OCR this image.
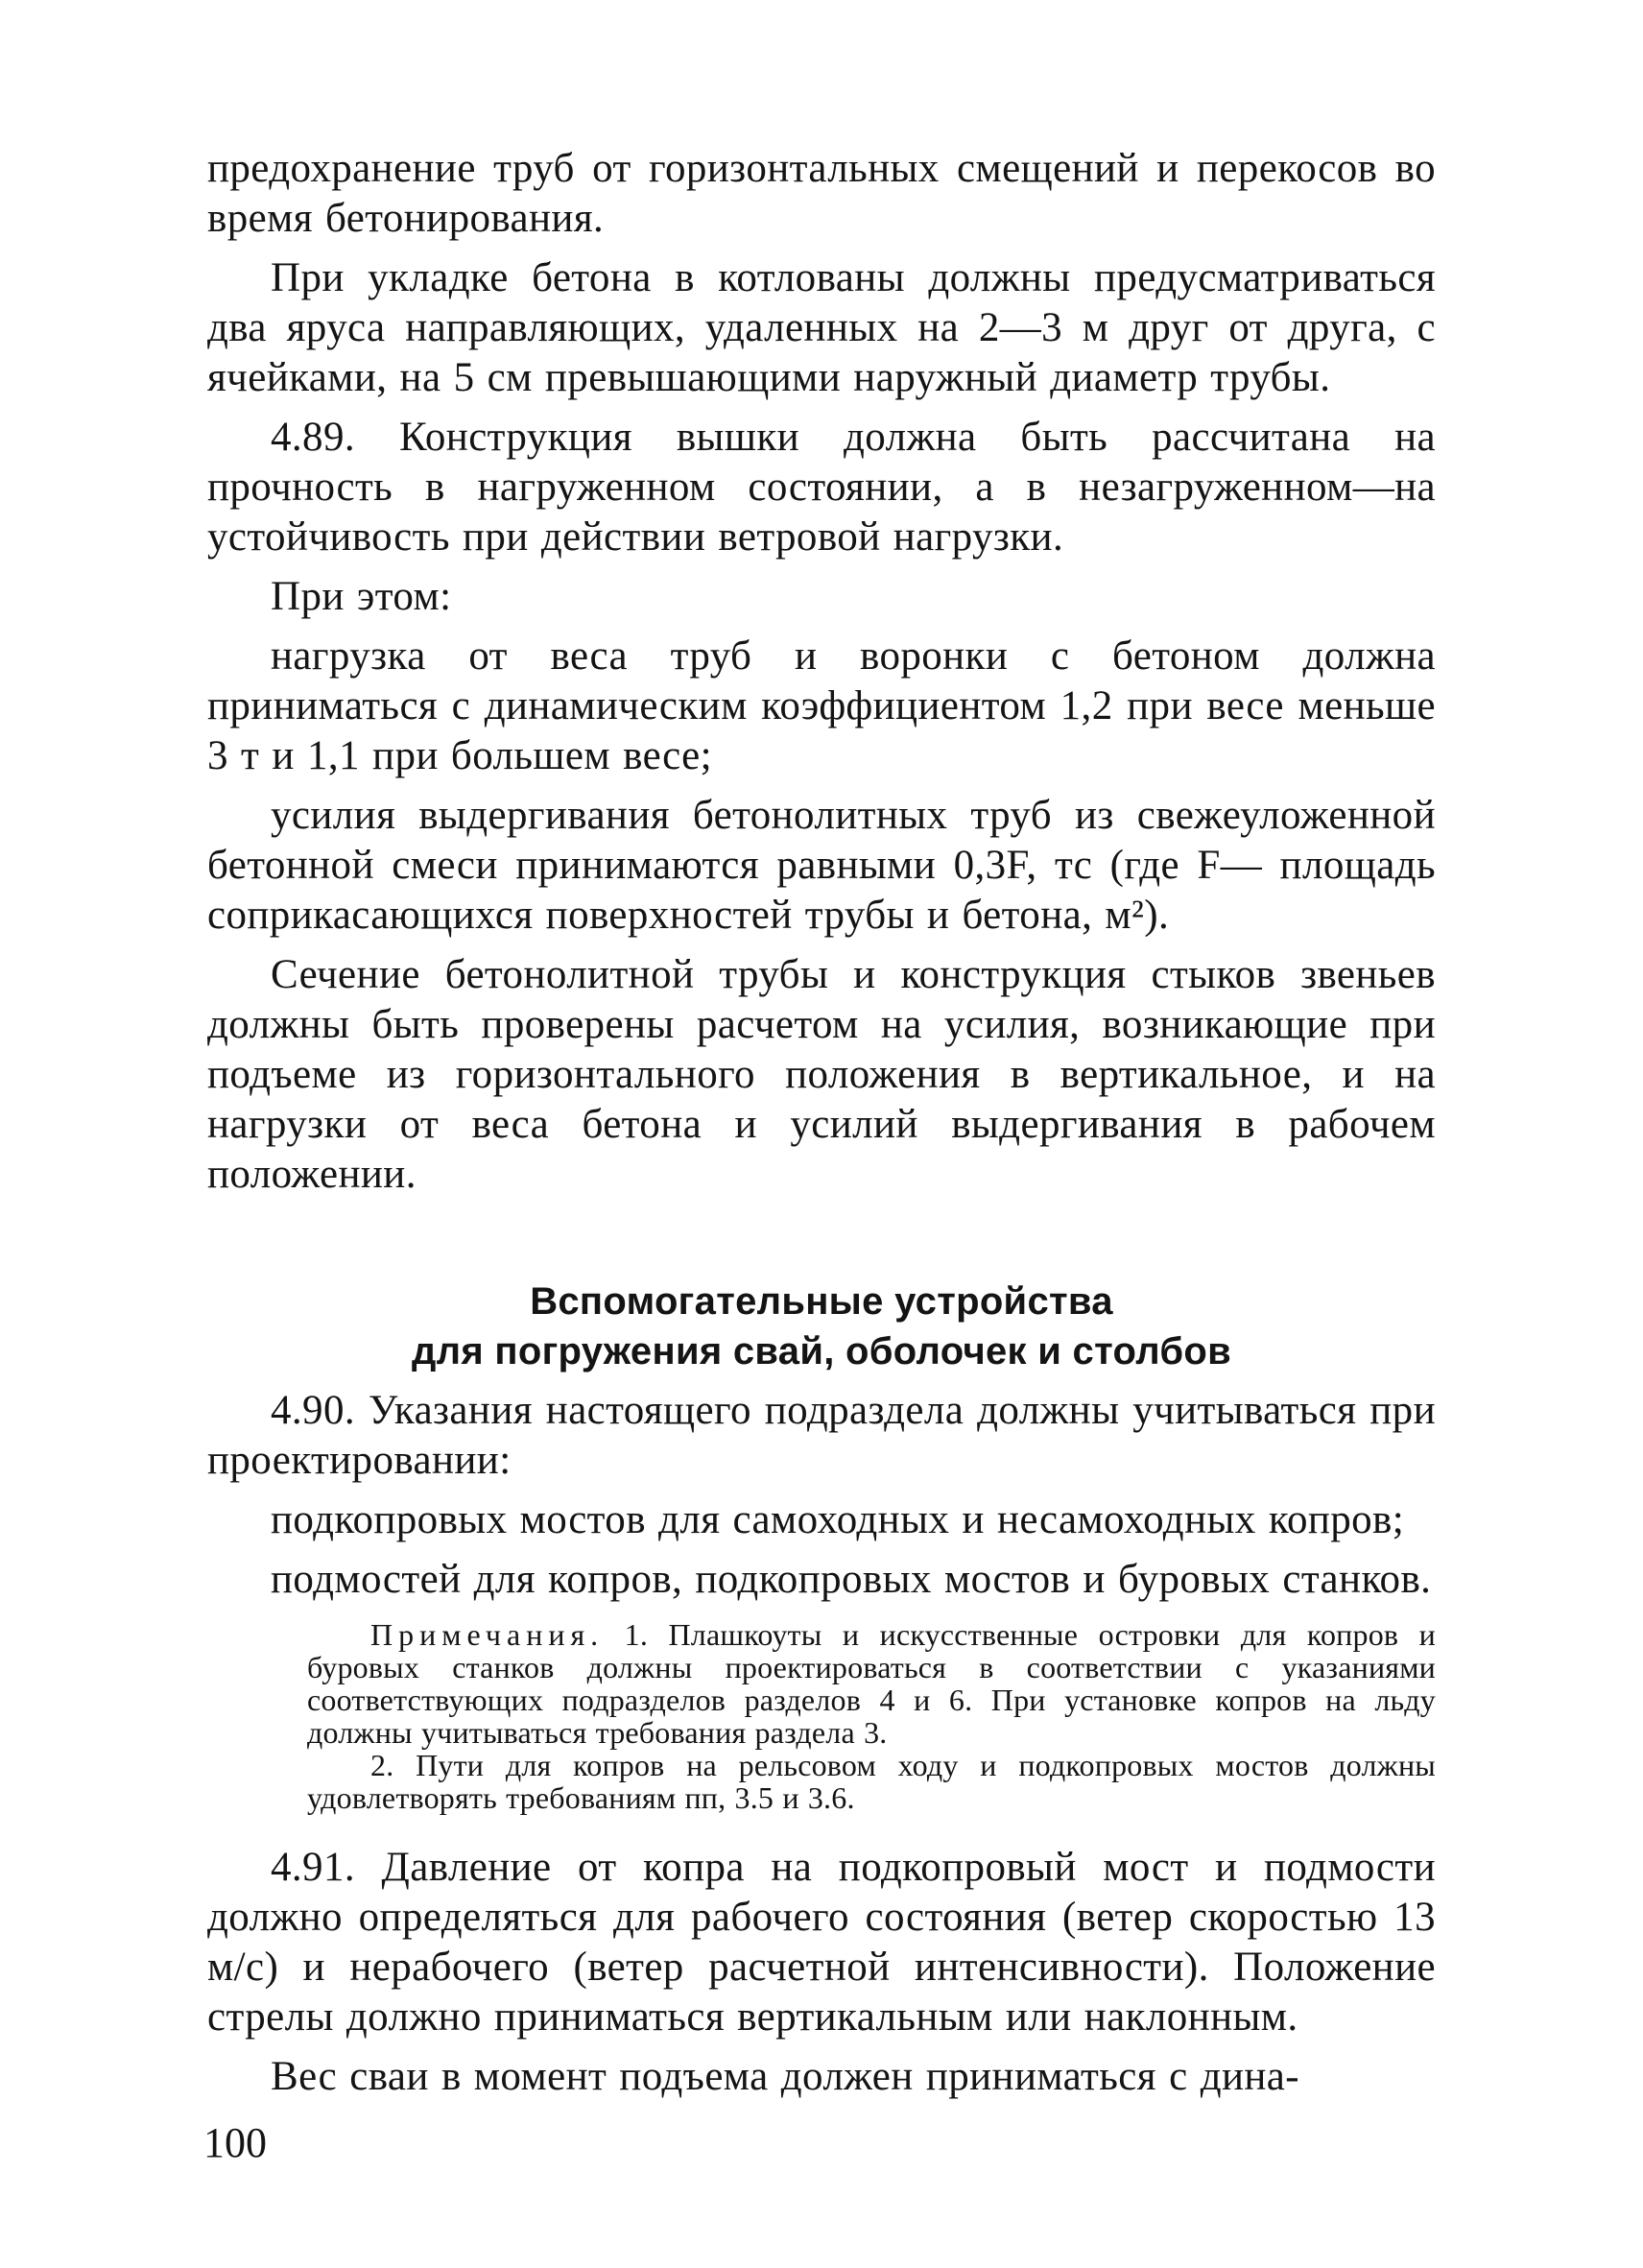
предохранение труб от горизонтальных смещений и перекосов во время бетонирования.

При укладке бетона в котлованы должны предусматриваться два яруса направляющих, удаленных на 2—3 м друг от друга, с ячейками, на 5 см превышающими наружный диаметр трубы.

4.89. Конструкция вышки должна быть рассчитана на прочность в нагруженном состоянии, а в незагруженном—на устойчивость при действии ветровой нагрузки.

При этом:

нагрузка от веса труб и воронки с бетоном должна приниматься с динамическим коэффициентом 1,2 при весе меньше 3 т и 1,1 при большем весе;

усилия выдергивания бетонолитных труб из свежеуложенной бетонной смеси принимаются равными 0,3F, тс (где F— площадь соприкасающихся поверхностей трубы и бетона, м²).

Сечение бетонолитной трубы и конструкция стыков звеньев должны быть проверены расчетом на усилия, возникающие при подъеме из горизонтального положения в вертикальное, и на нагрузки от веса бетона и усилий выдергивания в рабочем положении.

Вспомогательные устройства
для погружения свай, оболочек и столбов

4.90. Указания настоящего подраздела должны учитываться при проектировании:

подкопровых мостов для самоходных и несамоходных копров;

подмостей для копров, подкопровых мостов и буровых станков.

Примечания. 1. Плашкоуты и искусственные островки для копров и буровых станков должны проектироваться в соответствии с указаниями соответствующих подразделов разделов 4 и 6. При установке копров на льду должны учитываться требования раздела 3.

2. Пути для копров на рельсовом ходу и подкопровых мостов должны удовлетворять требованиям пп, 3.5 и 3.6.

4.91. Давление от копра на подкопровый мост и подмости должно определяться для рабочего состояния (ветер скоростью 13 м/с) и нерабочего (ветер расчетной интенсивности). Положение стрелы должно приниматься вертикальным или наклонным.

Вес сваи в момент подъема должен приниматься с дина-

100
